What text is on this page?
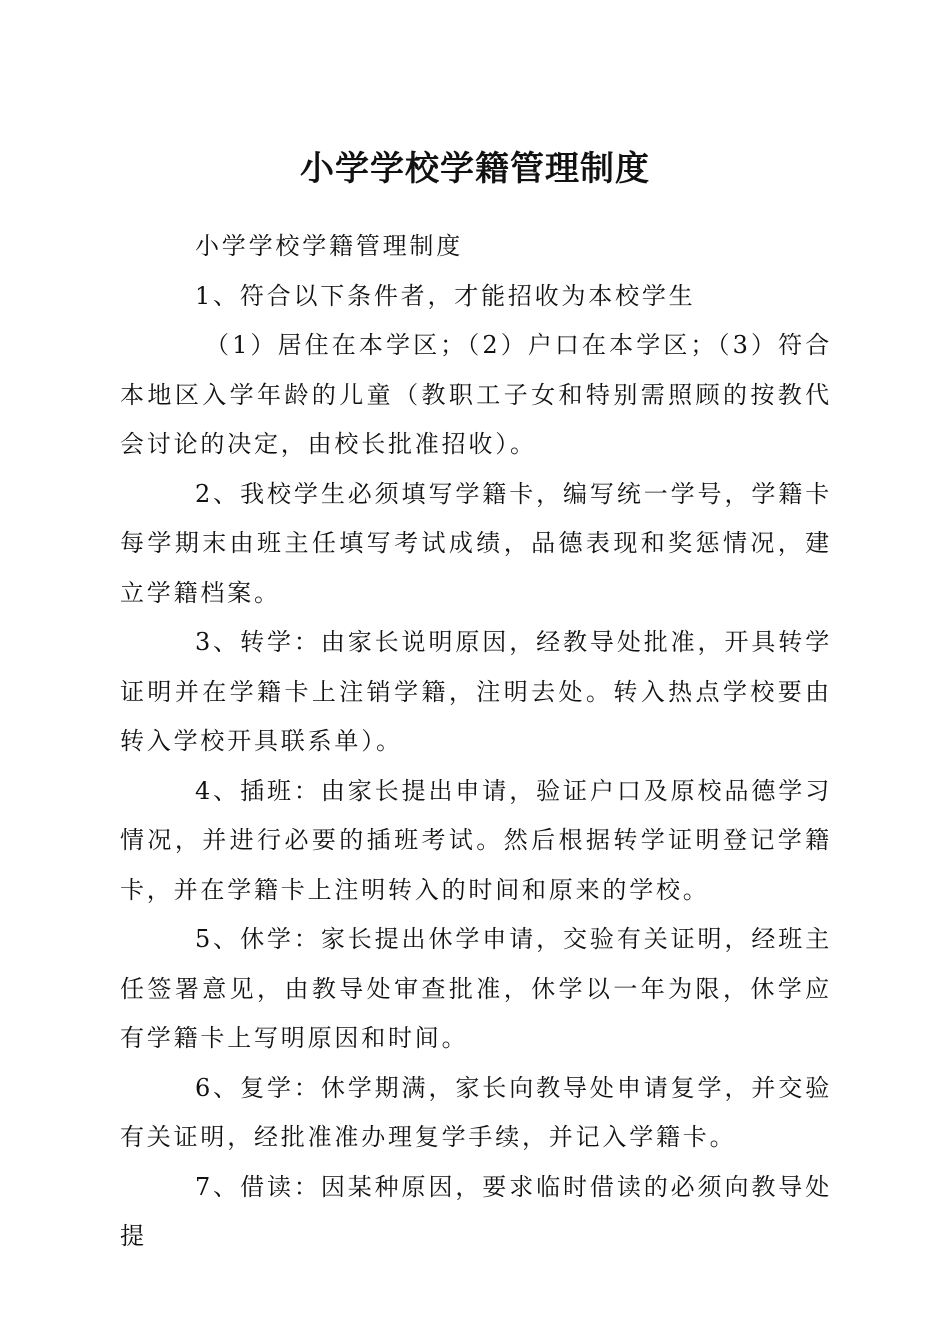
小学学校学籍管理制度

小学学校学籍管理制度

1、符合以下条件者，才能招收为本校学生

（1）居住在本学区；（2）户口在本学区；（3）符合本地区入学年龄的儿童（教职工子女和特别需照顾的按教代会讨论的决定，由校长批准招收）。

2、我校学生必须填写学籍卡，编写统一学号，学籍卡每学期末由班主任填写考试成绩，品德表现和奖惩情况，建立学籍档案。

3、转学：由家长说明原因，经教导处批准，开具转学证明并在学籍卡上注销学籍，注明去处。转入热点学校要由转入学校开具联系单）。

4、插班：由家长提出申请，验证户口及原校品德学习情况，并进行必要的插班考试。然后根据转学证明登记学籍卡，并在学籍卡上注明转入的时间和原来的学校。

5、休学：家长提出休学申请，交验有关证明，经班主任签署意见，由教导处审查批准，休学以一年为限，休学应有学籍卡上写明原因和时间。

6、复学：休学期满，家长向教导处申请复学，并交验有关证明，经批准准办理复学手续，并记入学籍卡。

7、借读：因某种原因，要求临时借读的必须向教导处提
